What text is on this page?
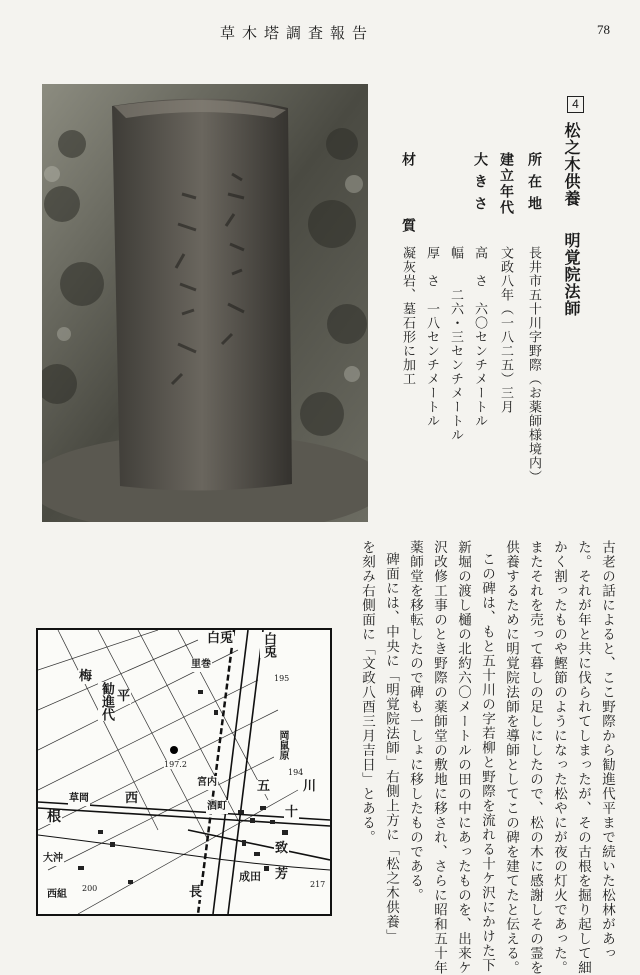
草木塔調査報告	78
4
松之木供養
明覚院法師
所在地
長井市五十川字野際（お薬師様境内）
建立年代
文政八年（一八二五）三月
大きさ
高　さ　六〇センチメートル
幅　　二六・三センチメートル
厚　さ　一八センチメートル
材　　質
凝灰岩、墓石形に加工
古老の話によると、ここ野際から勧進代平まで続いた松林があっ
た。それが年と共に伐られてしまったが、その古根を掘り起して細
かく割ったものや鰹節のようになった松やにが夜の灯火であった。
またそれを売って暮しの足しにしたので、松の木に感謝しその霊を
供養するために明覚院法師を導師としてこの碑を建てたと伝える。
この碑は、もと五十川の字若柳と野際を流れる十ケ沢にかけた下
新堀の渡し樋の北約六〇メートルの田の中にあったものを、出来ケ
沢改修工事のとき野際の薬師堂の敷地に移され、さらに昭和五十年
薬師堂を移転したので碑も一しょに移したものである。
碑面には、中央に「明覚院法師」右側上方に「松之木供養」
を刻み右側面に「文政八酉三月吉日」とある。
白兎 白兎
里巻
勧進代 平
梅
草岡	西
根
宮内
酒町
五
岡鼠原
十
川
致
芳
成田
長
大沖
西組
197.2
195
194
200	217
